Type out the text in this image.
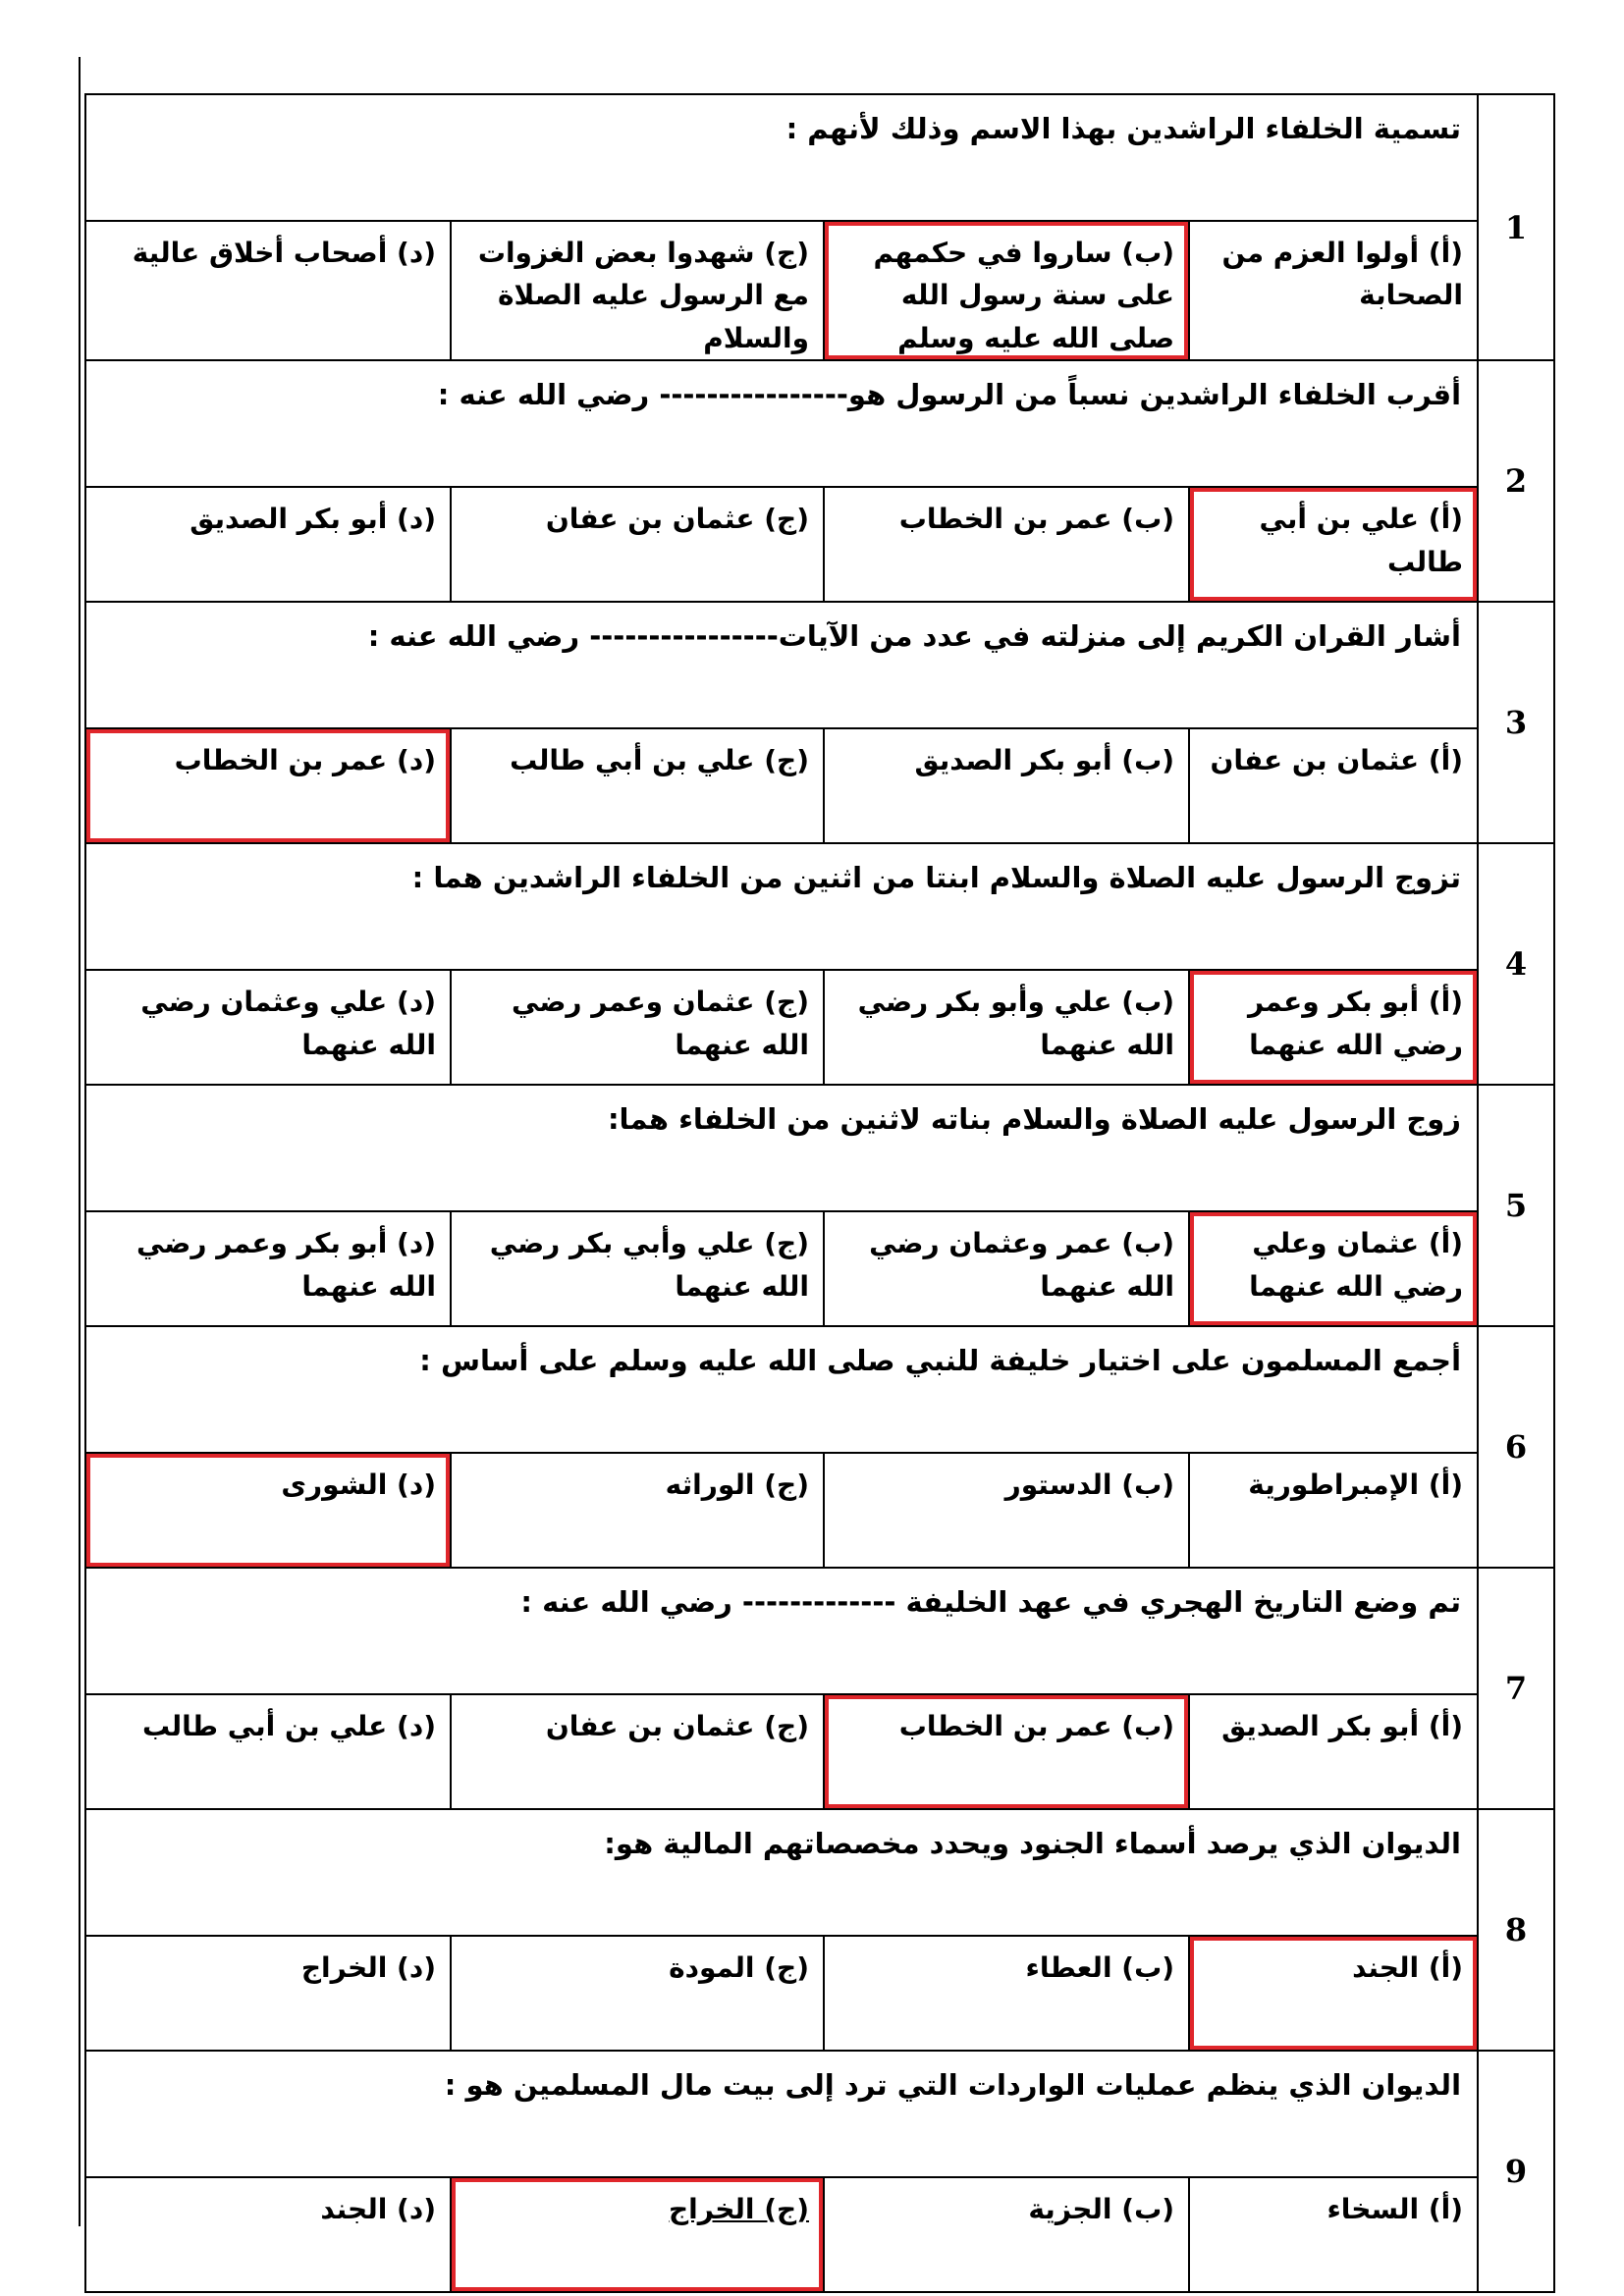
1	تسمية الخلفاء الراشدين بهذا الاسم وذلك لأنهم :			

	(أ) أولوا العزم من الصحابة	(ب) ساروا في حكمهم على سنة رسول الله صلى الله عليه وسلم	(ج) شهدوا بعض الغزوات مع الرسول عليه الصلاة والسلام	(د) أصحاب أخلاق عالية

2	أقرب الخلفاء الراشدين نسباً من الرسول هو---------------- رضي الله عنه :			

	(أ) علي بن أبي طالب	(ب) عمر بن الخطاب	(ج) عثمان بن عفان	(د) أبو بكر الصديق

3	أشار القران الكريم إلى منزلته في عدد من الآيات---------------- رضي الله عنه :			

	(أ) عثمان بن عفان	(ب) أبو بكر الصديق	(ج) علي بن أبي طالب	(د) عمر بن الخطاب

4	تزوج الرسول عليه الصلاة والسلام ابنتا من اثنين من الخلفاء الراشدين هما :			

	(أ) أبو بكر وعمر رضي الله عنهما	(ب) علي وأبو بكر رضي الله عنهما	(ج) عثمان وعمر رضي الله عنهما	(د) علي وعثمان رضي الله عنهما

5	زوج الرسول عليه الصلاة والسلام بناته لاثنين من الخلفاء هما:			

	(أ) عثمان وعلي رضي الله عنهما	(ب) عمر وعثمان رضي الله عنهما	(ج) علي وأبي بكر رضي الله عنهما	(د) أبو بكر وعمر رضي الله عنهما

6	أجمع المسلمون على اختيار خليفة للنبي صلى الله عليه وسلم على أساس :			

	(أ) الإمبراطورية	(ب) الدستور	(ج) الوراثه	(د) الشورى

7	تم وضع التاريخ الهجري في عهد الخليفة ------------- رضي الله عنه :			

	(أ) أبو بكر الصديق	(ب) عمر بن الخطاب	(ج) عثمان بن عفان	(د) علي بن أبي طالب

8	الديوان الذي يرصد أسماء الجنود ويحدد مخصصاتهم المالية هو:			

	(أ) الجند	(ب) العطاء	(ج) المودة	(د) الخراج

9	الديوان الذي ينظم عمليات الواردات التي ترد إلى بيت مال المسلمين هو :			

	(أ) السخاء	(ب) الجزية	(ج) الخراج	(د) الجند
